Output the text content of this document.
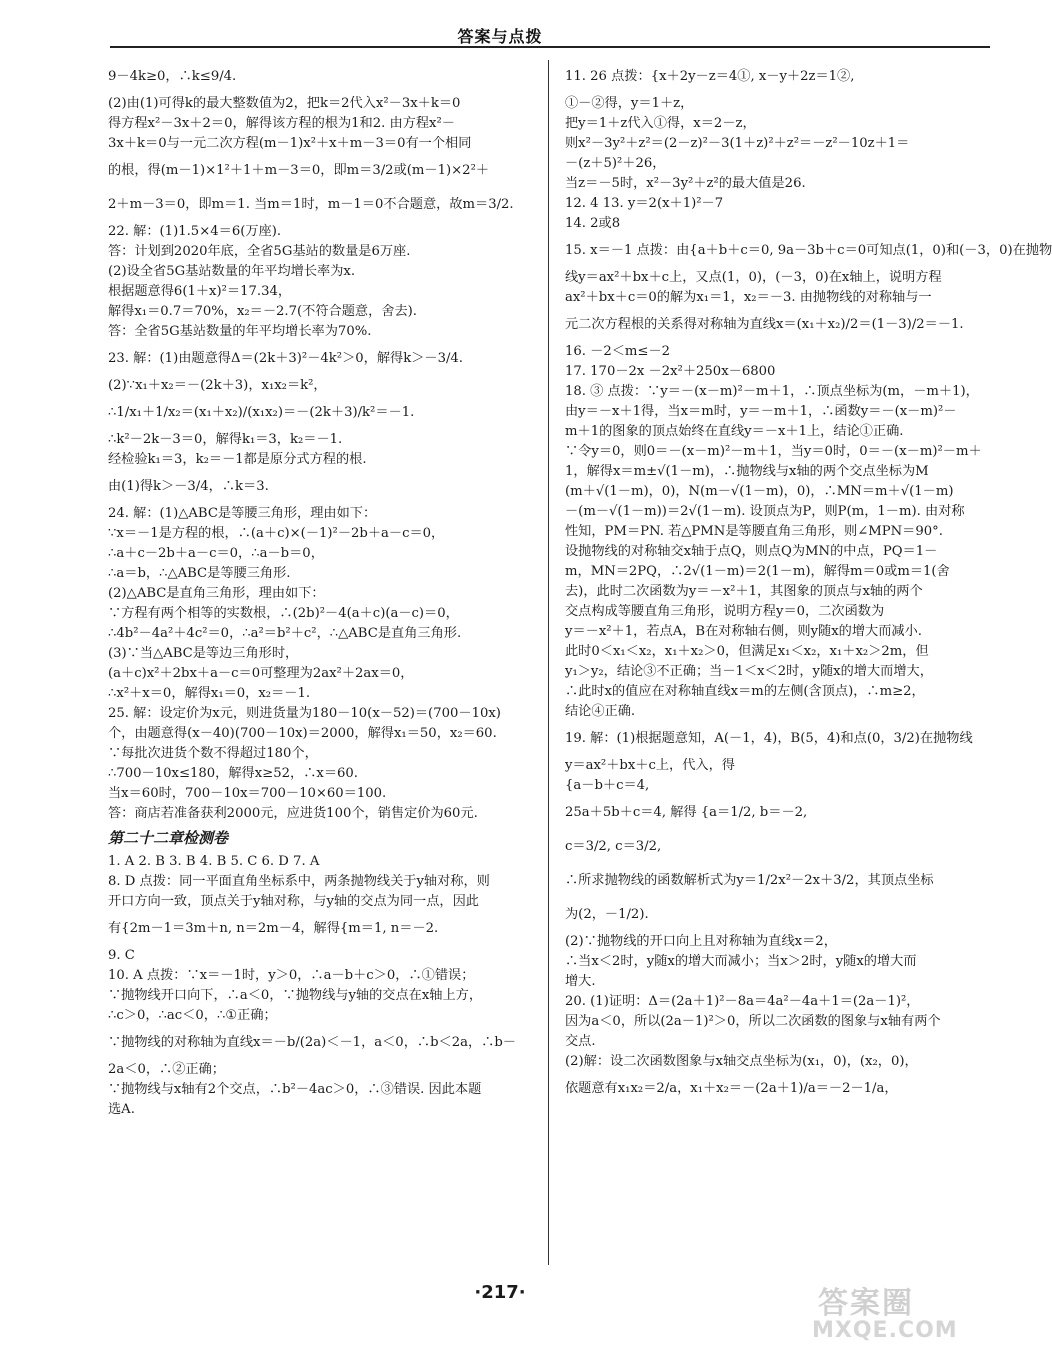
答案与点拨
9－4k≥0，∴k≤9/4.
(2)由(1)可得k的最大整数值为2，把k＝2代入x²－3x＋k＝0
得方程x²－3x＋2＝0，解得该方程的根为1和2. 由方程x²－
3x＋k＝0与一元二次方程(m－1)x²＋x＋m－3＝0有一个相同
的根，得(m－1)×1²＋1＋m－3＝0，即m＝3/2或(m－1)×2²＋
2＋m－3＝0，即m＝1. 当m＝1时，m－1＝0不合题意，故m＝3/2.
22. 解：(1)1.5×4＝6(万座).
答：计划到2020年底，全省5G基站的数量是6万座.
(2)设全省5G基站数量的年平均增长率为x.
根据题意得6(1＋x)²＝17.34，
解得x₁＝0.7＝70%，x₂＝－2.7(不符合题意，舍去).
答：全省5G基站数量的年平均增长率为70%.
23. 解：(1)由题意得Δ＝(2k＋3)²－4k²＞0，解得k＞－3/4.
(2)∵x₁＋x₂＝－(2k＋3)，x₁x₂＝k²，
∴1/x₁＋1/x₂＝(x₁＋x₂)/(x₁x₂)＝－(2k＋3)/k²＝－1.
∴k²－2k－3＝0，解得k₁＝3，k₂＝－1.
经检验k₁＝3，k₂＝－1都是原分式方程的根.
由(1)得k＞－3/4，∴k＝3.
24. 解：(1)△ABC是等腰三角形，理由如下：
∵x＝－1是方程的根，∴(a＋c)×(－1)²－2b＋a－c＝0，
∴a＋c－2b＋a－c＝0，∴a－b＝0，
∴a＝b，∴△ABC是等腰三角形.
(2)△ABC是直角三角形，理由如下：
∵方程有两个相等的实数根，∴(2b)²－4(a＋c)(a－c)＝0，
∴4b²－4a²＋4c²＝0，∴a²＝b²＋c²，∴△ABC是直角三角形.
(3)∵当△ABC是等边三角形时，
(a＋c)x²＋2bx＋a－c＝0可整理为2ax²＋2ax＝0，
∴x²＋x＝0，解得x₁＝0，x₂＝－1.
25. 解：设定价为x元，则进货量为180－10(x－52)＝(700－10x)
个，由题意得(x－40)(700－10x)＝2000，解得x₁＝50，x₂＝60.
∵每批次进货个数不得超过180个，
∴700－10x≤180，解得x≥52，∴x＝60.
当x＝60时，700－10x＝700－10×60＝100.
答：商店若准备获利2000元，应进货100个，销售定价为60元.
第二十二章检测卷
1. A 2. B 3. B 4. B 5. C 6. D 7. A
8. D 点拨：同一平面直角坐标系中，两条抛物线关于y轴对称，则
开口方向一致，顶点关于y轴对称，与y轴的交点为同一点，因此
有{2m－1＝3m＋n, n＝2m－4，解得{m＝1, n＝－2.
9. C
10. A 点拨：∵x＝－1时，y＞0，∴a－b＋c＞0，∴①错误；
∵抛物线开口向下，∴a＜0，∵抛物线与y轴的交点在x轴上方，
∴c＞0，∴ac＜0，∴①正确；
∵抛物线的对称轴为直线x＝－b/(2a)＜－1，a＜0，∴b＜2a，∴b－
2a＜0，∴②正确；
∵抛物线与x轴有2个交点，∴b²－4ac＞0，∴③错误. 因此本题
选A.
11. 26 点拨：{x＋2y－z＝4①, x－y＋2z＝1②,
①－②得，y＝1＋z，
把y＝1＋z代入①得，x＝2－z，
则x²－3y²＋z²＝(2－z)²－3(1＋z)²＋z²＝－z²－10z＋1＝
－(z＋5)²＋26，
当z＝－5时，x²－3y²＋z²的最大值是26.
12. 4 13. y＝2(x＋1)²－7
14. 2或8
15. x＝－1 点拨：由{a＋b＋c＝0, 9a－3b＋c＝0可知点(1，0)和(－3，0)在抛物
线y＝ax²＋bx＋c上，又点(1，0)，(－3，0)在x轴上，说明方程
ax²＋bx＋c＝0的解为x₁＝1，x₂＝－3. 由抛物线的对称轴与一
元二次方程根的关系得对称轴为直线x＝(x₁＋x₂)/2＝(1－3)/2＝－1.
16. －2＜m≤－2
17. 170－2x －2x²＋250x－6800
18. ③ 点拨：∵y＝－(x－m)²－m＋1，∴顶点坐标为(m，－m＋1)，
由y＝－x＋1得，当x＝m时，y＝－m＋1，∴函数y＝－(x－m)²－
m＋1的图象的顶点始终在直线y＝－x＋1上，结论①正确.
∵令y＝0，则0＝－(x－m)²－m＋1，当y＝0时，0＝－(x－m)²－m＋
1，解得x＝m±√(1－m)，∴抛物线与x轴的两个交点坐标为M
(m＋√(1－m)，0)，N(m－√(1－m)，0)，∴MN＝m＋√(1－m)
－(m－√(1－m))＝2√(1－m). 设顶点为P，则P(m，1－m). 由对称
性知，PM＝PN. 若△PMN是等腰直角三角形，则∠MPN＝90°.
设抛物线的对称轴交x轴于点Q，则点Q为MN的中点，PQ＝1－
m，MN＝2PQ，∴2√(1－m)＝2(1－m)，解得m＝0或m＝1(舍
去)，此时二次函数为y＝－x²＋1，其图象的顶点与x轴的两个
交点构成等腰直角三角形，说明方程y＝0，二次函数为
y＝－x²＋1，若点A，B在对称轴右侧，则y随x的增大而减小.
此时0＜x₁＜x₂，x₁＋x₂＞0，但满足x₁＜x₂，x₁＋x₂＞2m，但
y₁＞y₂，结论③不正确；当－1＜x＜2时，y随x的增大而增大，
∴此时x的值应在对称轴直线x＝m的左侧(含顶点)，∴m≥2，
结论④正确.
19. 解：(1)根据题意知，A(－1，4)，B(5，4)和点(0，3/2)在抛物线
y＝ax²＋bx＋c上，代入，得
{a－b＋c＝4,
25a＋5b＋c＝4, 解得 {a＝1/2, b＝－2,
c＝3/2, c＝3/2,
∴所求抛物线的函数解析式为y＝1/2x²－2x＋3/2，其顶点坐标
为(2，－1/2).
(2)∵抛物线的开口向上且对称轴为直线x＝2，
∴当x＜2时，y随x的增大而减小；当x＞2时，y随x的增大而
增大.
20. (1)证明：Δ＝(2a＋1)²－8a＝4a²－4a＋1＝(2a－1)²，
因为a＜0，所以(2a－1)²＞0，所以二次函数的图象与x轴有两个
交点.
(2)解：设二次函数图象与x轴交点坐标为(x₁，0)，(x₂，0)，
依题意有x₁x₂＝2/a，x₁＋x₂＝－(2a＋1)/a＝－2－1/a，
·217·	答案圈
MXQE.COM
